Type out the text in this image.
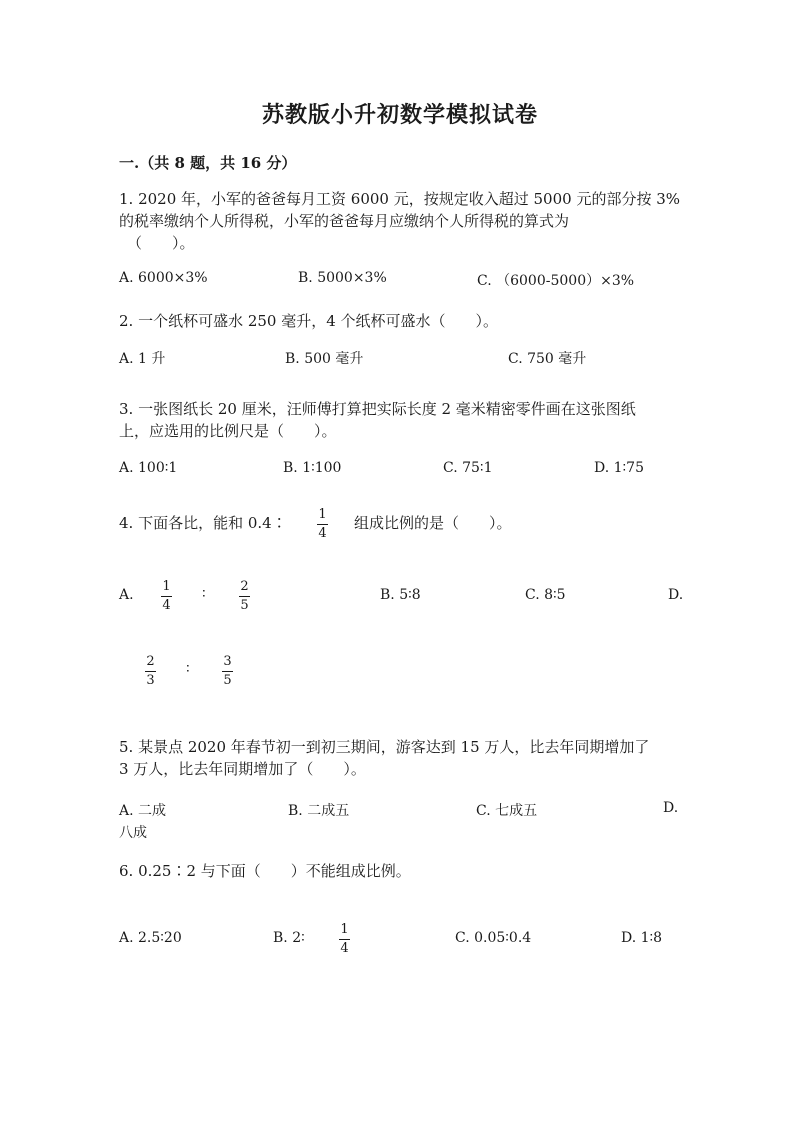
苏教版小升初数学模拟试卷
一.（共 8 题，共 16 分）
1. 2020 年，小军的爸爸每月工资 6000 元，按规定收入超过 5000 元的部分按 3%
的税率缴纳个人所得税，小军的爸爸每月应缴纳个人所得税的算式为
（　　）。
A. 6000×3%	B. 5000×3%	C. （6000-5000）×3%
2. 一个纸杯可盛水 250 毫升，4 个纸杯可盛水（　　）。
A. 1 升	B. 500 毫升	C. 750 毫升
3. 一张图纸长 20 厘米，汪师傅打算把实际长度 2 毫米精密零件画在这张图纸
上，应选用的比例尺是（　　）。
A. 100∶1	B. 1∶100	C. 75∶1	D. 1∶75
4. 下面各比，能和 0.4∶ 1
4
组成比例的是（　　）。
A.
1
4
∶	2
5
B. 5∶8	C. 8∶5	D.
2
3
∶	3
5
5. 某景点 2020 年春节初一到初三期间，游客达到 15 万人，比去年同期增加了
3 万人，比去年同期增加了（　　）。
A. 二成	B. 二成五	C. 七成五	D.
八成
6. 0.25∶2 与下面（　　）不能组成比例。
A. 2.5∶20	B. 2∶
1
4
C. 0.05∶0.4	D. 1∶8
